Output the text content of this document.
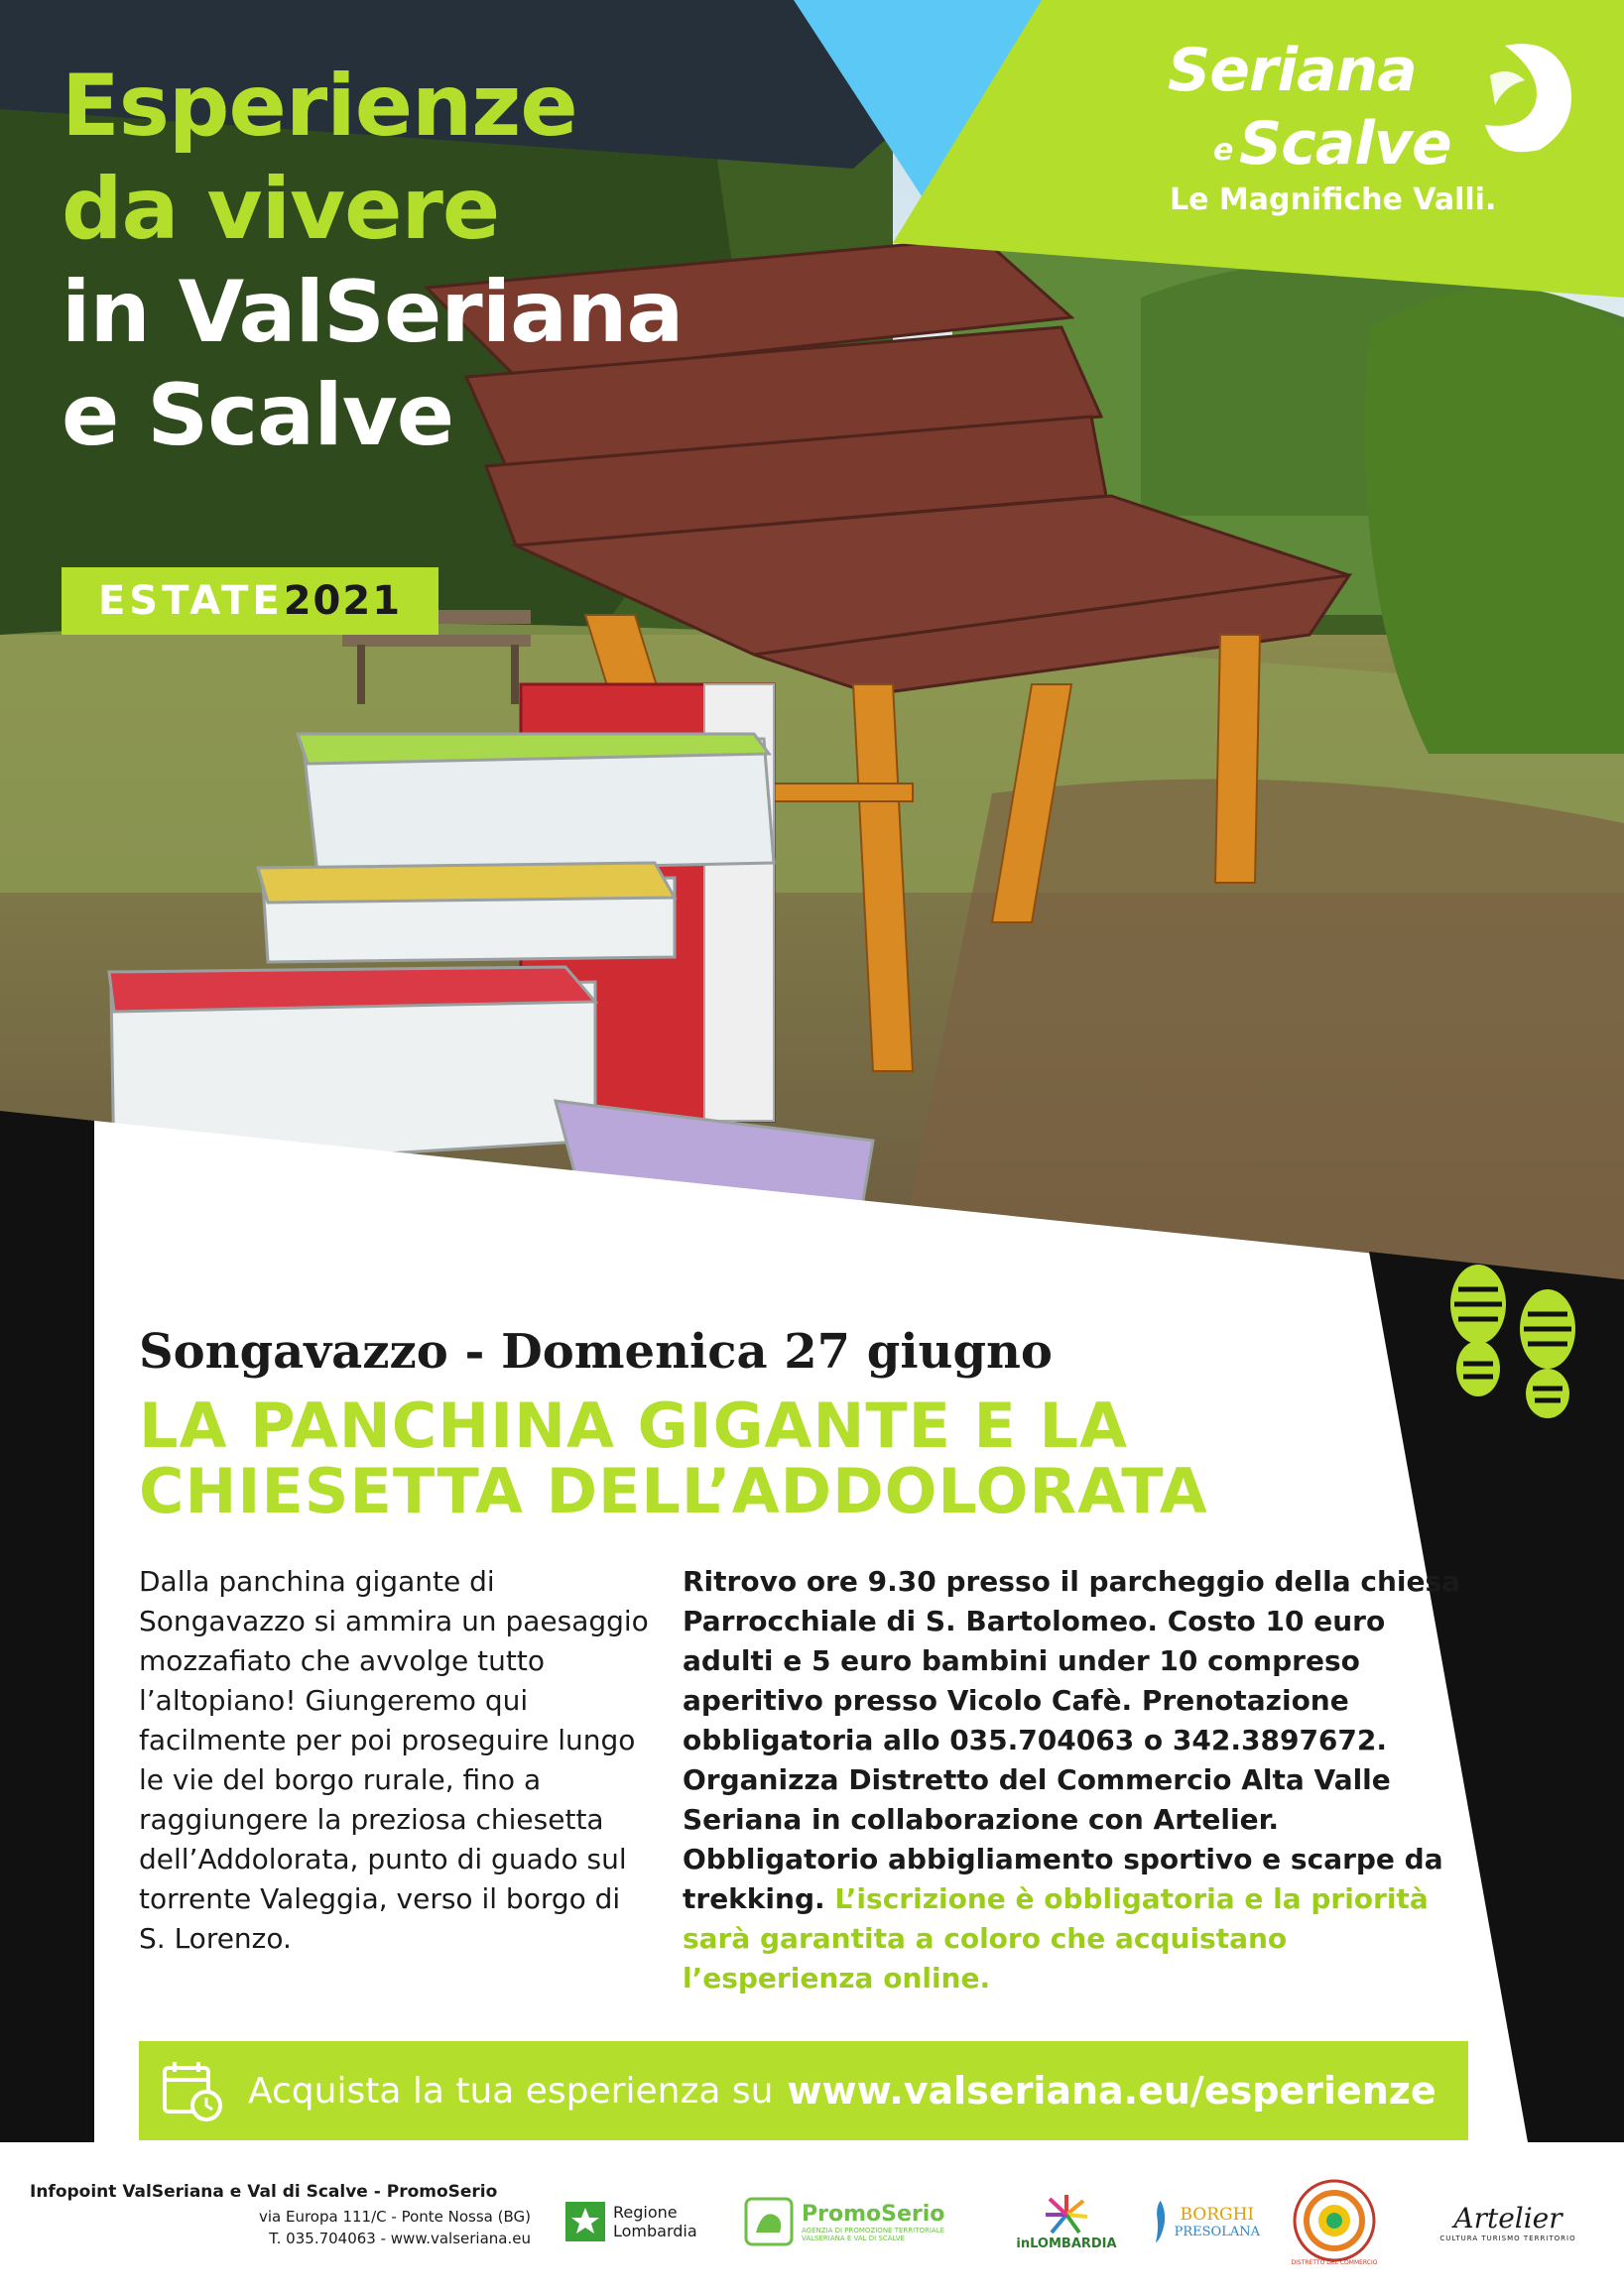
Esperienze
da vivere
in ValSeriana
e Scalve
ESTATE 2021
Seriana
e Scalve
Le Magnifiche Valli.

Songavazzo - Domenica 27 giugno

LA PANCHINA GIGANTE E LA
CHIESETTA DELL’ADDOLORATA

Dalla panchina gigante di Songavazzo si ammira un paesaggio mozzafiato che avvolge tutto l’altopiano! Giungeremo qui facilmente per poi proseguire lungo le vie del borgo rurale, fino a raggiungere la preziosa chiesetta dell’Addolorata, punto di guado sul torrente Valeggia, verso il borgo di S. Lorenzo.

Ritrovo ore 9.30 presso il parcheggio della chiesa Parrocchiale di S. Bartolomeo. Costo 10 euro adulti e 5 euro bambini under 10 compreso aperitivo presso Vicolo Cafè. Prenotazione obbligatoria allo 035.704063 o 342.3897672. Organizza Distretto del Commercio Alta Valle Seriana in collaborazione con Artelier. Obbligatorio abbigliamento sportivo e scarpe da trekking. L’iscrizione è obbligatoria e la priorità sarà garantita a coloro che acquistano l’esperienza online.

Acquista la tua esperienza su www.valseriana.eu/esperienze

Infopoint ValSeriana e Val di Scalve - PromoSerio

via Europa 111/C - Ponte Nossa (BG)

T. 035.704063 - www.valseriana.eu

Regione
Lombardia
PromoSerio
AGENZIA DI PROMOZIONE TERRITORIALE
VALSERIANA E VAL DI SCALVE	inLOMBARDIA
BORGHI
PRESOLANA
DISTRETTO DEL COMMERCIO
Artelier
CULTURA TURISMO TERRITORIO
